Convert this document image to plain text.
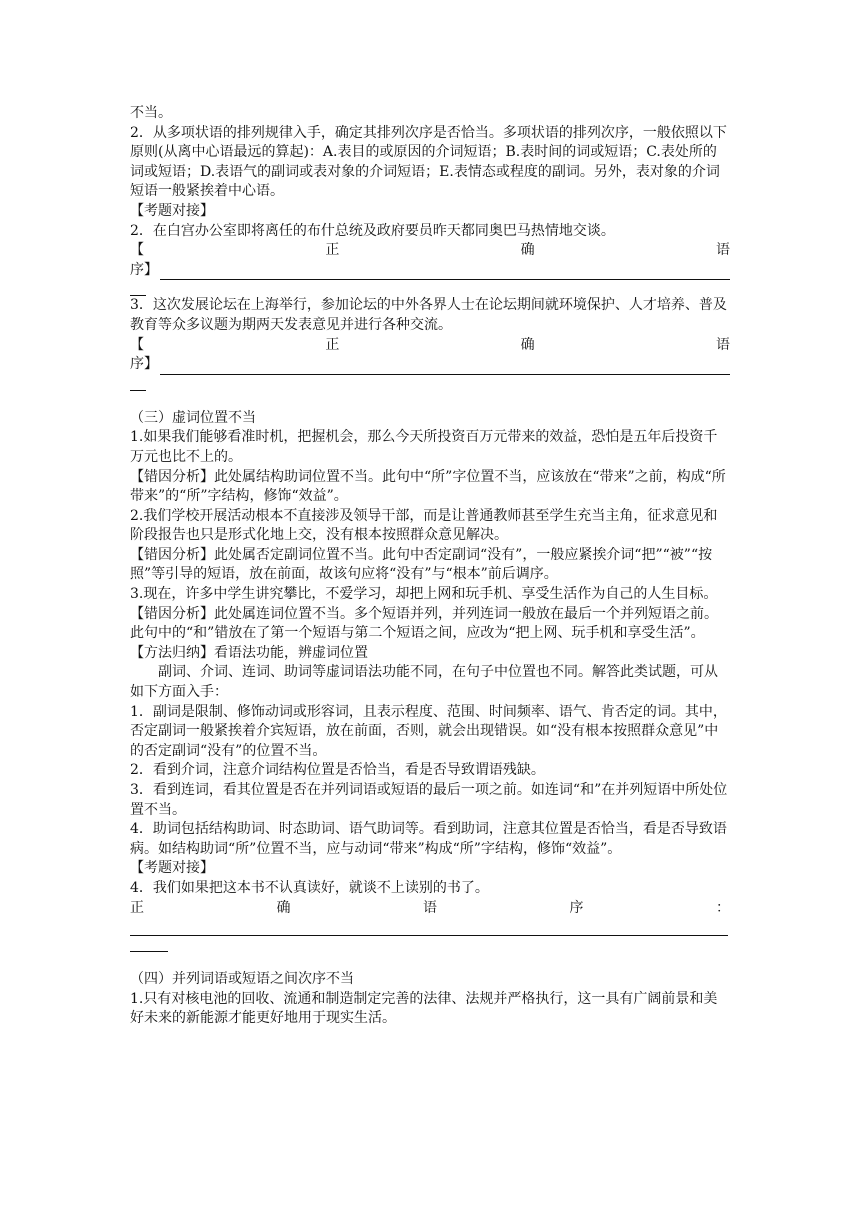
不当。

2．从多项状语的排列规律入手，确定其排列次序是否恰当。多项状语的排列次序，一般依照以下原则(从离中心语最远的算起)：A.表目的或原因的介词短语；B.表时间的词或短语；C.表处所的词或短语；D.表语气的副词或表对象的介词短语；E.表情态或程度的副词。另外，表对象的介词短语一般紧挨着中心语。

【考题对接】

2．在白宫办公室即将离任的布什总统及政府要员昨天都同奥巴马热情地交谈。

【	正	确	语
序】

3．这次发展论坛在上海举行，参加论坛的中外各界人士在论坛期间就环境保护、人才培养、普及教育等众多议题为期两天发表意见并进行各种交流。

【	正	确	语
序】

（三）虚词位置不当

1.如果我们能够看准时机，把握机会，那么今天所投资百万元带来的效益，恐怕是五年后投资千万元也比不上的。

【错因分析】此处属结构助词位置不当。此句中“所”字位置不当，应该放在“带来”之前，构成“所带来”的“所”字结构，修饰“效益”。

2.我们学校开展活动根本不直接涉及领导干部，而是让普通教师甚至学生充当主角，征求意见和阶段报告也只是形式化地上交，没有根本按照群众意见解决。

【错因分析】此处属否定副词位置不当。此句中否定副词“没有”，一般应紧挨介词“把”“被”“按照”等引导的短语，放在前面，故该句应将“没有”与“根本”前后调序。

3.现在，许多中学生讲究攀比，不爱学习，却把上网和玩手机、享受生活作为自己的人生目标。

【错因分析】此处属连词位置不当。多个短语并列，并列连词一般放在最后一个并列短语之前。此句中的“和”错放在了第一个短语与第二个短语之间，应改为“把上网、玩手机和享受生活”。

【方法归纳】看语法功能，辨虚词位置

副词、介词、连词、助词等虚词语法功能不同，在句子中位置也不同。解答此类试题，可从如下方面入手：

1．副词是限制、修饰动词或形容词，且表示程度、范围、时间频率、语气、肯否定的词。其中，否定副词一般紧挨着介宾短语，放在前面，否则，就会出现错误。如“没有根本按照群众意见”中的否定副词“没有”的位置不当。

2．看到介词，注意介词结构位置是否恰当，看是否导致谓语残缺。

3．看到连词，看其位置是否在并列词语或短语的最后一项之前。如连词“和”在并列短语中所处位置不当。

4．助词包括结构助词、时态助词、语气助词等。看到助词，注意其位置是否恰当，看是否导致语病。如结构助词“所”位置不当，应与动词“带来”构成“所”字结构，修饰“效益”。

【考题对接】

4．我们如果把这本书不认真读好，就谈不上读别的书了。

正	确	语	序	：

（四）并列词语或短语之间次序不当

1.只有对核电池的回收、流通和制造制定完善的法律、法规并严格执行，这一具有广阔前景和美好未来的新能源才能更好地用于现实生活。
